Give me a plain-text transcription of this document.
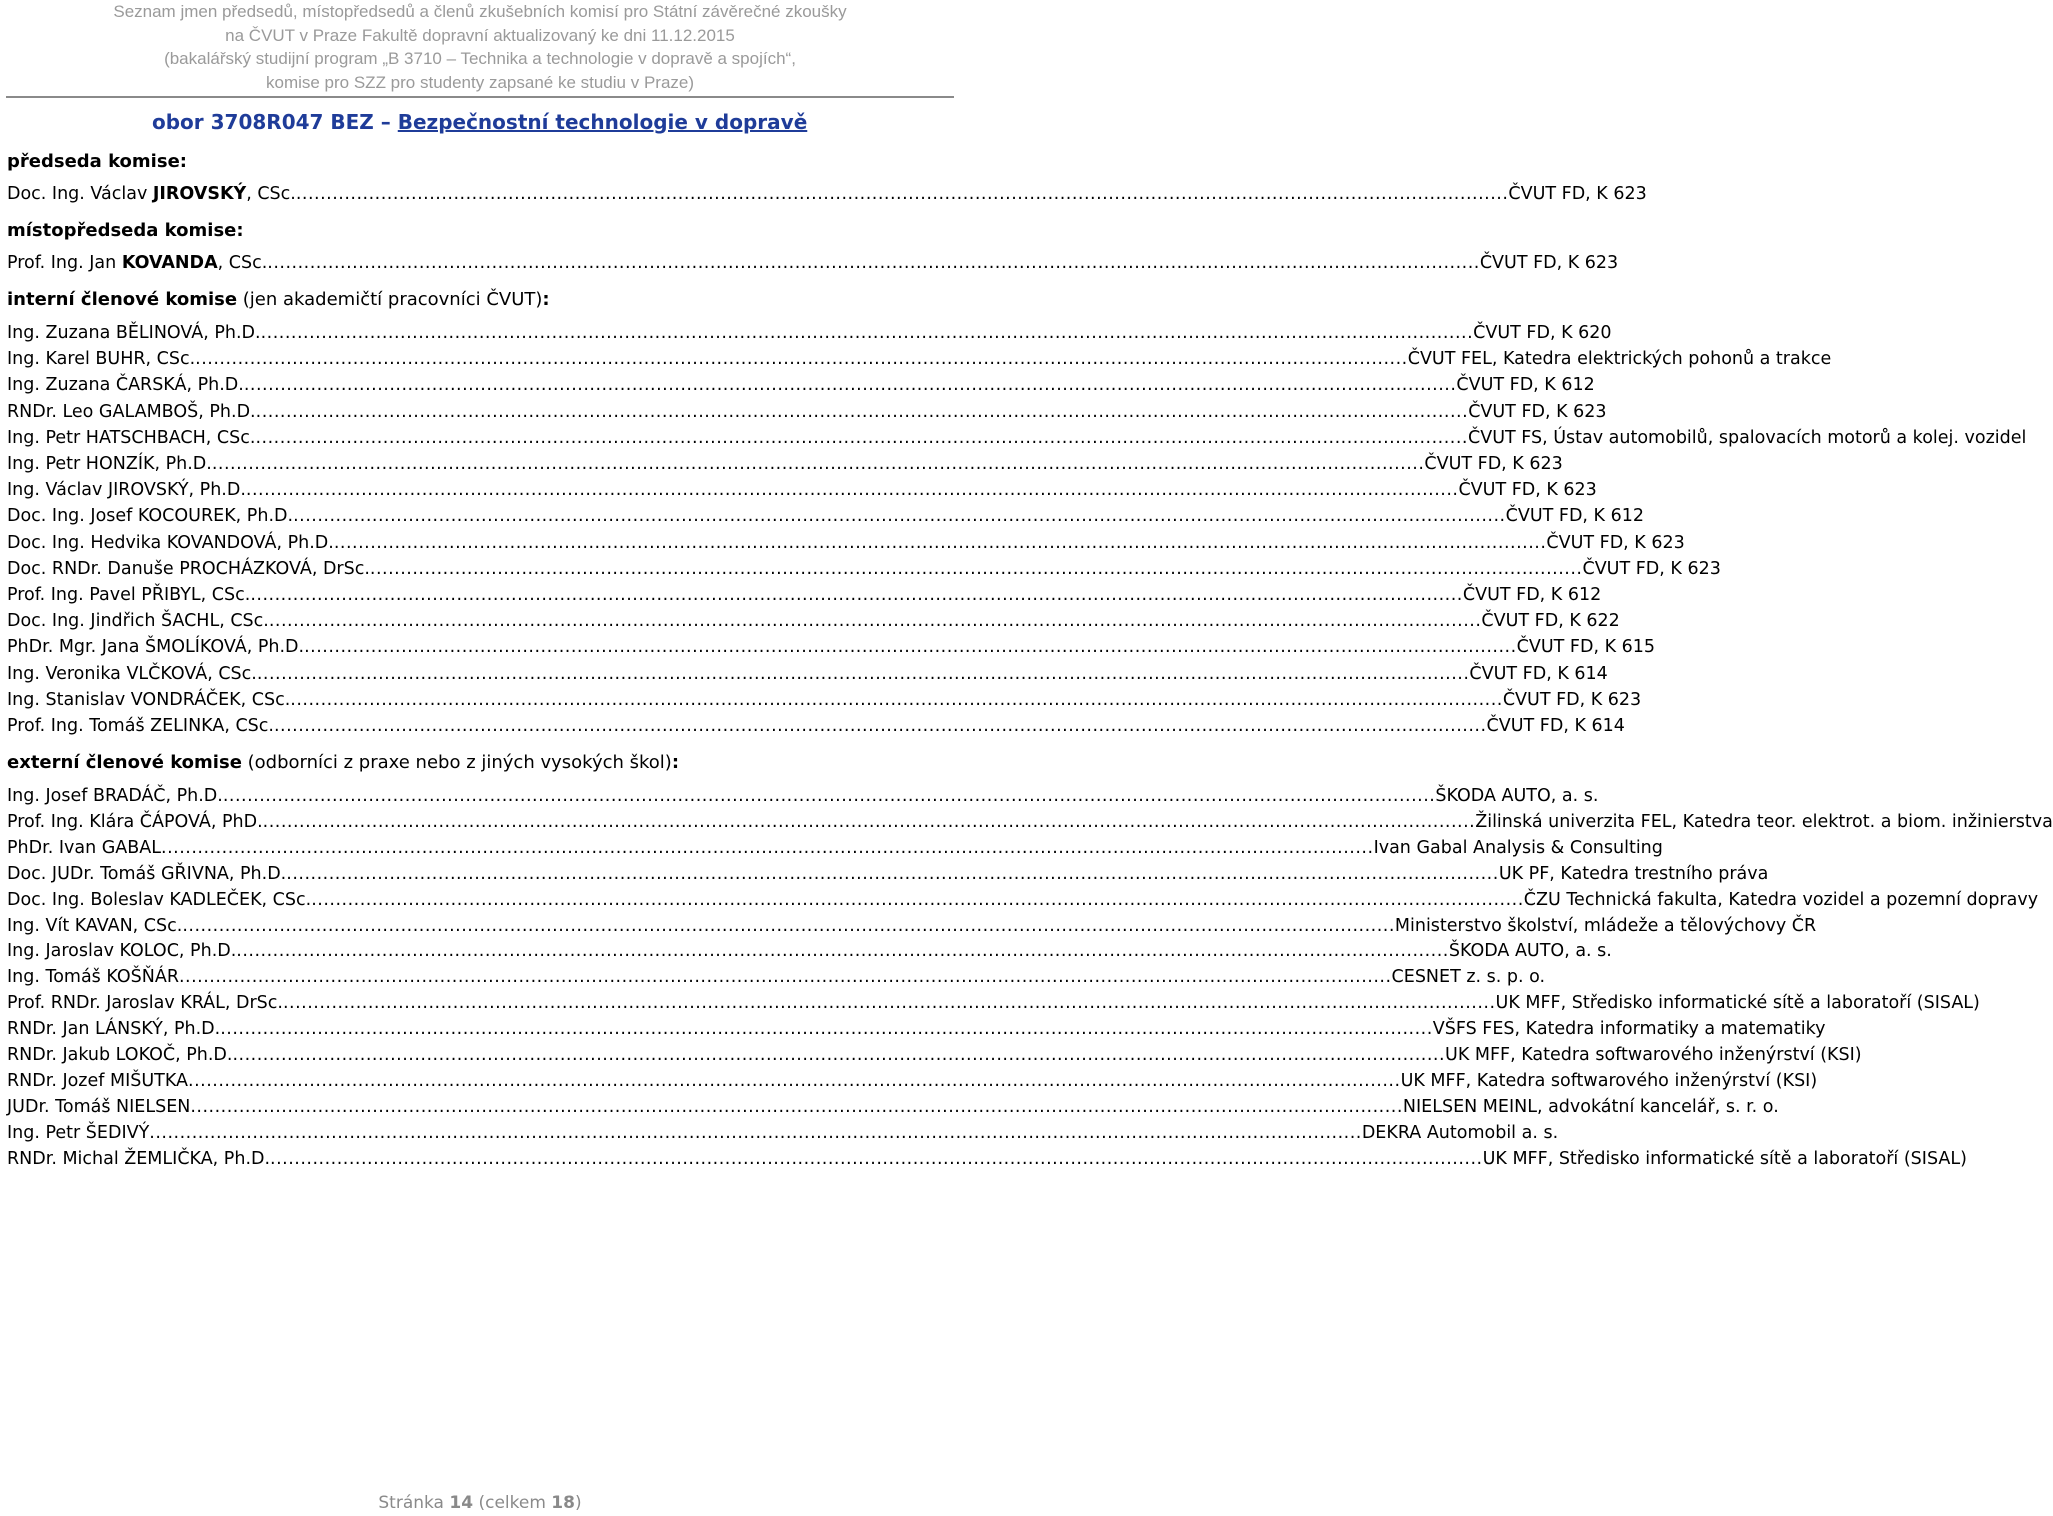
Seznam jmen předsedů, místopředsedů a členů zkušebních komisí pro Státní závěrečné zkoušky
na ČVUT v Praze Fakultě dopravní aktualizovaný ke dni 11.12.2015
(bakalářský studijní program „B 3710 – Technika a technologie v dopravě a spojích“,
komise pro SZZ pro studenty zapsané ke studiu v Praze)
obor 3708R047 BEZ – Bezpečnostní technologie v dopravě
předseda komise:
Doc. Ing. Václav JIROVSKÝ, CSc. ........................................................................................................................................................................................................ ČVUT FD, K 623
místopředseda komise:
Prof. Ing. Jan KOVANDA, CSc. ........................................................................................................................................................................................................ ČVUT FD, K 623
interní členové komise (jen akademičtí pracovníci ČVUT):
Ing. Zuzana BĚLINOVÁ, Ph.D. ........................................................................................................................................................................................................ ČVUT FD, K 620
Ing. Karel BUHR, CSc. ........................................................................................................................................................................................................ ČVUT FEL, Katedra elektrických pohonů a trakce
Ing. Zuzana ČARSKÁ, Ph.D. ........................................................................................................................................................................................................ ČVUT FD, K 612
RNDr. Leo GALAMBOŠ, Ph.D. ........................................................................................................................................................................................................ ČVUT FD, K 623
Ing. Petr HATSCHBACH, CSc. ........................................................................................................................................................................................................ ČVUT FS, Ústav automobilů, spalovacích motorů a kolej. vozidel
Ing. Petr HONZÍK, Ph.D. ........................................................................................................................................................................................................ ČVUT FD, K 623
Ing. Václav JIROVSKÝ, Ph.D. ........................................................................................................................................................................................................ ČVUT FD, K 623
Doc. Ing. Josef KOCOUREK, Ph.D. ........................................................................................................................................................................................................ ČVUT FD, K 612
Doc. Ing. Hedvika KOVANDOVÁ, Ph.D. ........................................................................................................................................................................................................ ČVUT FD, K 623
Doc. RNDr. Danuše PROCHÁZKOVÁ, DrSc. ........................................................................................................................................................................................................ ČVUT FD, K 623
Prof. Ing. Pavel PŘIBYL, CSc. ........................................................................................................................................................................................................ ČVUT FD, K 612
Doc. Ing. Jindřich ŠACHL, CSc. ........................................................................................................................................................................................................ ČVUT FD, K 622
PhDr. Mgr. Jana ŠMOLÍKOVÁ, Ph.D. ........................................................................................................................................................................................................ ČVUT FD, K 615
Ing. Veronika VLČKOVÁ, CSc. ........................................................................................................................................................................................................ ČVUT FD, K 614
Ing. Stanislav VONDRÁČEK, CSc. ........................................................................................................................................................................................................ ČVUT FD, K 623
Prof. Ing. Tomáš ZELINKA, CSc. ........................................................................................................................................................................................................ ČVUT FD, K 614
externí členové komise (odborníci z praxe nebo z jiných vysokých škol):
Ing. Josef BRADÁČ, Ph.D. ........................................................................................................................................................................................................ ŠKODA AUTO, a. s.
Prof. Ing. Klára ČÁPOVÁ, PhD. ........................................................................................................................................................................................................ Žilinská univerzita FEL, Katedra teor. elektrot. a biom. inžinierstva
PhDr. Ivan GABAL ........................................................................................................................................................................................................ Ivan Gabal Analysis & Consulting
Doc. JUDr. Tomáš GŘIVNA, Ph.D. ........................................................................................................................................................................................................ UK PF, Katedra trestního práva
Doc. Ing. Boleslav KADLEČEK, CSc. ........................................................................................................................................................................................................ ČZU Technická fakulta, Katedra vozidel a pozemní dopravy
Ing. Vít KAVAN, CSc. ........................................................................................................................................................................................................ Ministerstvo školství, mládeže a tělovýchovy ČR
Ing. Jaroslav KOLOC, Ph.D. ........................................................................................................................................................................................................ ŠKODA AUTO, a. s.
Ing. Tomáš KOŠŇÁR ........................................................................................................................................................................................................ CESNET z. s. p. o.
Prof. RNDr. Jaroslav KRÁL, DrSc. ........................................................................................................................................................................................................ UK MFF, Středisko informatické sítě a laboratoří (SISAL)
RNDr. Jan LÁNSKÝ, Ph.D. ........................................................................................................................................................................................................ VŠFS FES, Katedra informatiky a matematiky
RNDr. Jakub LOKOČ, Ph.D. ........................................................................................................................................................................................................ UK MFF, Katedra softwarového inženýrství (KSI)
RNDr. Jozef MIŠUTKA ........................................................................................................................................................................................................ UK MFF, Katedra softwarového inženýrství (KSI)
JUDr. Tomáš NIELSEN ........................................................................................................................................................................................................ NIELSEN MEINL, advokátní kancelář, s. r. o.
Ing. Petr ŠEDIVÝ ........................................................................................................................................................................................................ DEKRA Automobil a. s.
RNDr. Michal ŽEMLIČKA, Ph.D. ........................................................................................................................................................................................................ UK MFF, Středisko informatické sítě a laboratoří (SISAL)
Stránka 14 (celkem 18)
